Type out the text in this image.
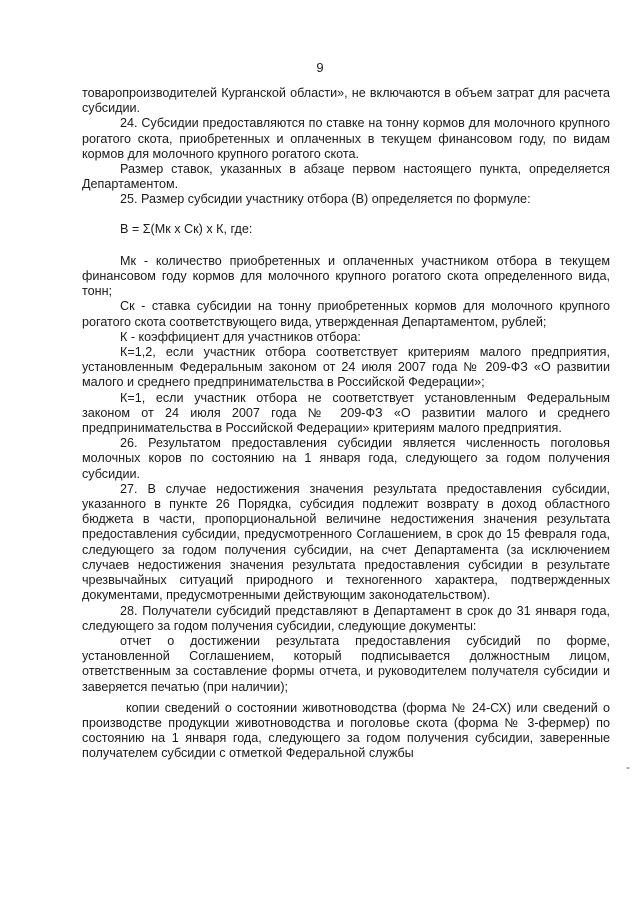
9

товаропроизводителей Курганской области», не включаются в объем затрат для расчета субсидии.

24. Субсидии предоставляются по ставке на тонну кормов для молочного крупного рогатого скота, приобретенных и оплаченных в текущем финансовом году, по видам кормов для молочного крупного рогатого скота.

Размер ставок, указанных в абзаце первом настоящего пункта, определяется Департаментом.

25. Размер субсидии участнику отбора (В) определяется по формуле:

В = Σ(Мк х Ск) х К, где:

Мк - количество приобретенных и оплаченных участником отбора в текущем финансовом году кормов для молочного крупного рогатого скота определенного вида, тонн;

Ск - ставка субсидии на тонну приобретенных кормов для молочного крупного рогатого скота соответствующего вида, утвержденная Департаментом, рублей;

К - коэффициент для участников отбора:

К=1,2, если участник отбора соответствует критериям малого предприятия, установленным Федеральным законом от 24 июля 2007 года № 209-ФЗ «О развитии малого и среднего предпринимательства в Российской Федерации»;

К=1, если участник отбора не соответствует установленным Федеральным законом от 24 июля 2007 года № 209-ФЗ «О развитии малого и среднего предпринимательства в Российской Федерации» критериям малого предприятия.

26. Результатом предоставления субсидии является численность поголовья молочных коров по состоянию на 1 января года, следующего за годом получения субсидии.

27. В случае недостижения значения результата предоставления субсидии, указанного в пункте 26 Порядка, субсидия подлежит возврату в доход областного бюджета в части, пропорциональной величине недостижения значения результата предоставления субсидии, предусмотренного Соглашением, в срок до 15 февраля года, следующего за годом получения субсидии, на счет Департамента (за исключением случаев недостижения значения результата предоставления субсидии в результате чрезвычайных ситуаций природного и техногенного характера, подтвержденных документами, предусмотренными действующим законодательством).

28. Получатели субсидий представляют в Департамент в срок до 31 января года, следующего за годом получения субсидии, следующие документы:

отчет о достижении результата предоставления субсидий по форме, установленной Соглашением, который подписывается должностным лицом, ответственным за составление формы отчета, и руководителем получателя субсидии и заверяется печатью (при наличии);

копии сведений о состоянии животноводства (форма № 24-СХ) или сведений о производстве продукции животноводства и поголовье скота (форма № 3-фермер) по состоянию на 1 января года, следующего за годом получения субсидии, заверенные получателем субсидии с отметкой Федеральной службы

-
